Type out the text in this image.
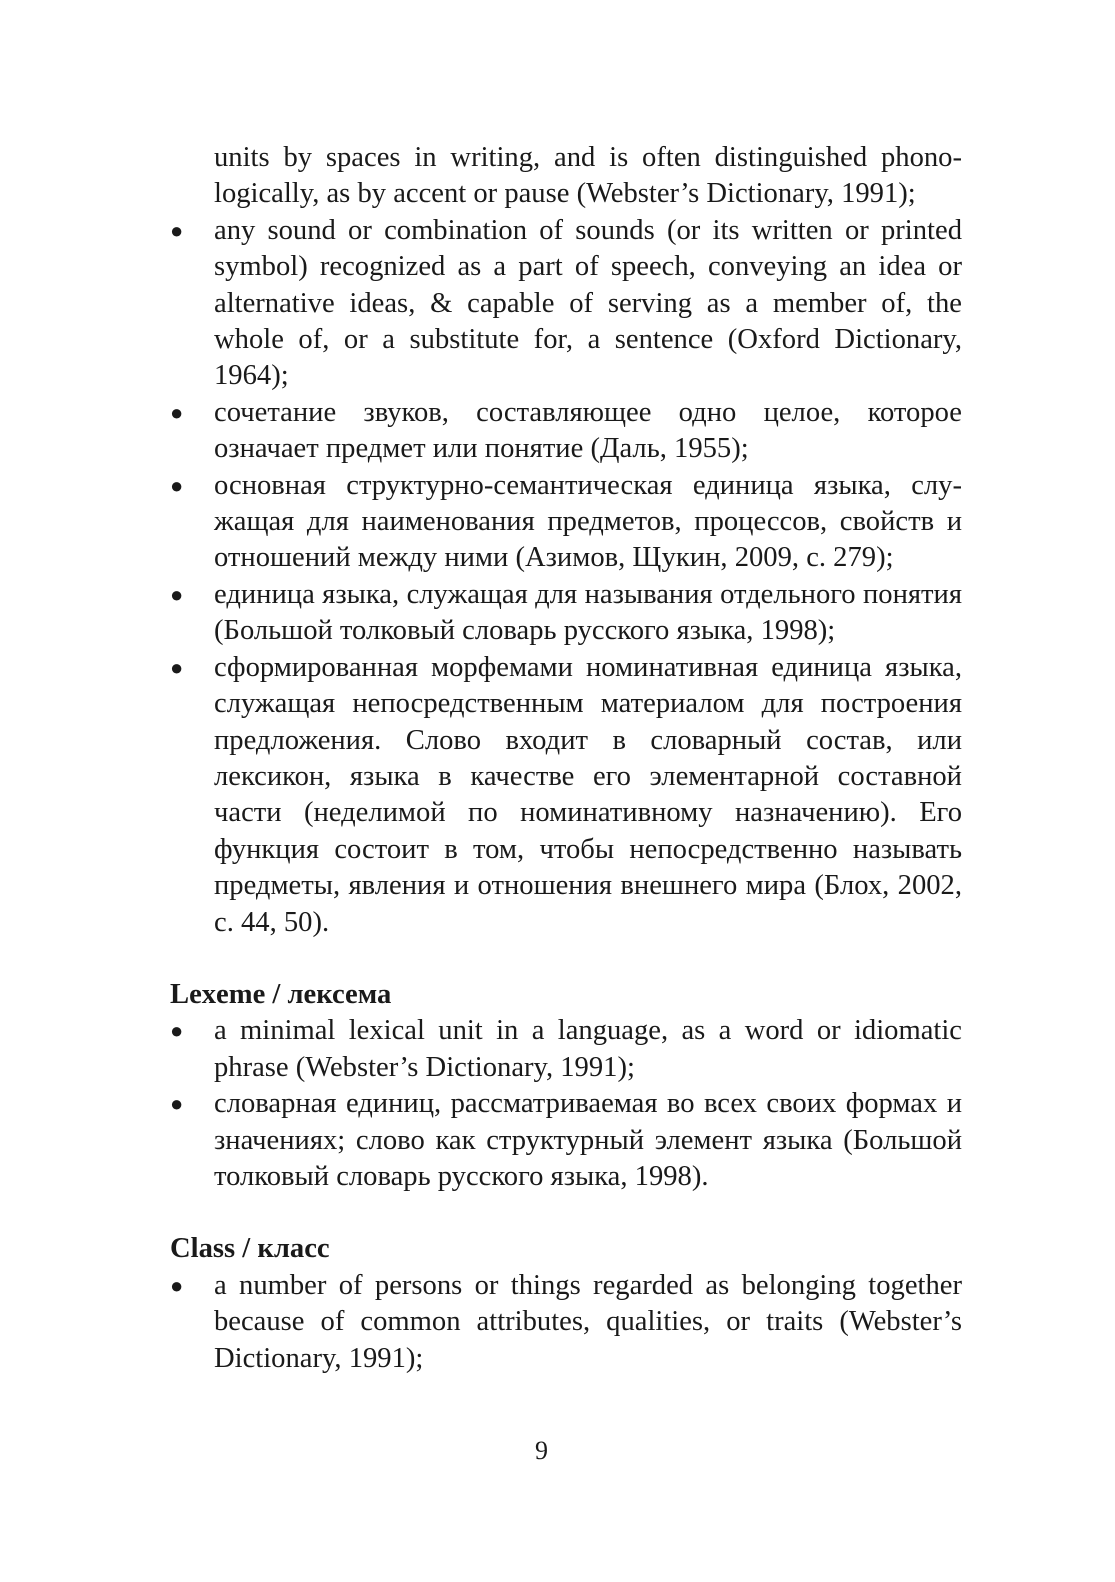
units by spaces in writing, and is often distinguished phonologically, as by accent or pause (Webster’s Dictionary, 1991);

●	any sound or combination of sounds (or its written or printed symbol) recognized as a part of speech, conveying an idea or alternative ideas, & capable of serving as a member of, the whole of, or a substitute for, a sentence (Oxford Dictionary, 1964);
●	сочетание звуков, составляющее одно целое, которое означает предмет или понятие (Даль, 1955);
●	основная структурно-семантическая единица языка, служащая для наименования предметов, процессов, свойств и отношений между ними (Азимов, Щукин, 2009, с. 279);
●	единица языка, служащая для называния отдельного понятия (Большой толковый словарь русского языка, 1998);
●	сформированная морфемами номинативная единица языка, служащая непосредственным материалом для построения предложения. Слово входит в словарный состав, или лексикон, языка в качестве его элементарной составной части (неделимой по номинативному назначению). Его функция состоит в том, чтобы непосредственно называть предметы, явления и отношения внешнего мира (Блох, 2002, с. 44, 50).
Lexeme / лексема
●	a minimal lexical unit in a language, as a word or idiomatic phrase (Webster’s Dictionary, 1991);
●	словарная единиц, рассматриваемая во всех своих формах и значениях; слово как структурный элемент языка (Большой толковый словарь русского языка, 1998).
Class / класс
●	a number of persons or things regarded as belonging together because of common attributes, qualities, or traits (Webster’s Dictionary, 1991);
9
